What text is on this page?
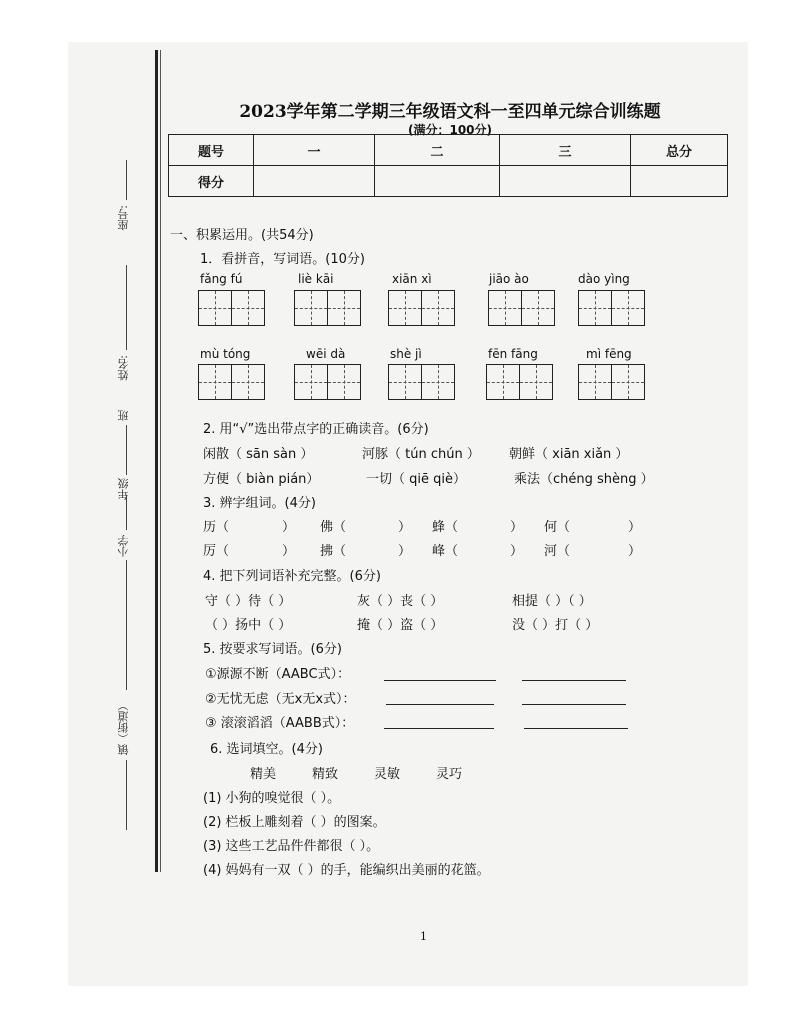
座号:
姓名:
班
年级
小学
镇（街道）
2023学年第二学期三年级语文科一至四单元综合训练题
(满分：100分)
题号	一	二	三	总分
得分				
一、积累运用。(共54分)
1．看拼音，写词语。(10分)
fǎng fú	liè kāi	xiān xì	jiāo ào	dào yìng
mù tóng	wēi dà	shè jì	fēn fāng	mì fēng
2. 用“√”选出带点字的正确读音。(6分)
闲散（ sān sàn ）	河豚（ tún chún ） 朝鲜（ xiān xiǎn ）
方便（ biàn pián）	一切（ qiē qiè）	乘法（chéng shèng ）
3. 辨字组词。(4分)
历（	） 佛（	） 蜂（	） 何（	）
厉（	） 拂（	） 峰（	） 河（	）
4. 把下列词语补充完整。(6分)
守（ ）待（ ）	灰（ ）丧（ ）	相提（ ）（ ）
（ ）扬中（ ）	掩（ ）盗（ ）	没（ ）打（ ）
5. 按要求写词语。(6分)
①源源不断（AABC式）：
②无忧无虑（无x无x式）：
③ 滚滚滔滔（AABB式）：
6. 选词填空。(4分)
精美	精致	灵敏	灵巧
(1) 小狗的嗅觉很（ ）。
(2) 栏板上雕刻着（ ）的图案。
(3) 这些工艺品件件都很（ ）。
(4) 妈妈有一双（ ）的手，能编织出美丽的花篮。
1
